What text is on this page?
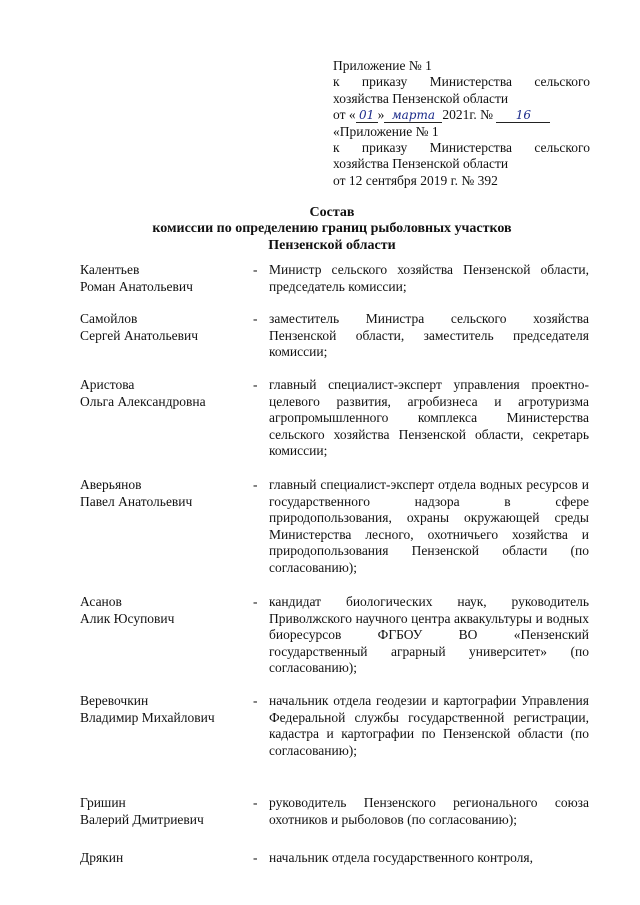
Приложение № 1
к приказу Министерства сельского
хозяйства Пензенской области
от « 01 » марта 2021г. № 16
«Приложение № 1
к приказу Министерства сельского
хозяйства Пензенской области
от 12 сентября 2019 г. № 392
Состав
комиссии по определению границ рыболовных участков
Пензенской области
Калентьев
Роман Анатольевич
- Министр сельского хозяйства Пензенской области, председатель комиссии;
Самойлов
Сергей Анатольевич
- заместитель Министра сельского хозяйства Пензенской области, заместитель председателя комиссии;
Аристова
Ольга Александровна
- главный специалист-эксперт управления проектно-целевого развития, агробизнеса и агротуризма агропромышленного комплекса Министерства сельского хозяйства Пензенской области, секретарь комиссии;
Аверьянов
Павел Анатольевич
- главный специалист-эксперт отдела водных ресурсов и государственного надзора в сфере природопользования, охраны окружающей среды Министерства лесного, охотничьего хозяйства и природопользования Пензенской области (по согласованию);
Асанов
Алик Юсупович
- кандидат биологических наук, руководитель Приволжского научного центра аквакультуры и водных биоресурсов ФГБОУ ВО «Пензенский государственный аграрный университет» (по согласованию);
Веревочкин
Владимир Михайлович
- начальник отдела геодезии и картографии Управления Федеральной службы государственной регистрации, кадастра и картографии по Пензенской области (по согласованию);
Гришин
Валерий Дмитриевич
- руководитель Пензенского регионального союза охотников и рыболовов (по согласованию);
Дрякин	- начальник отдела государственного контроля,
